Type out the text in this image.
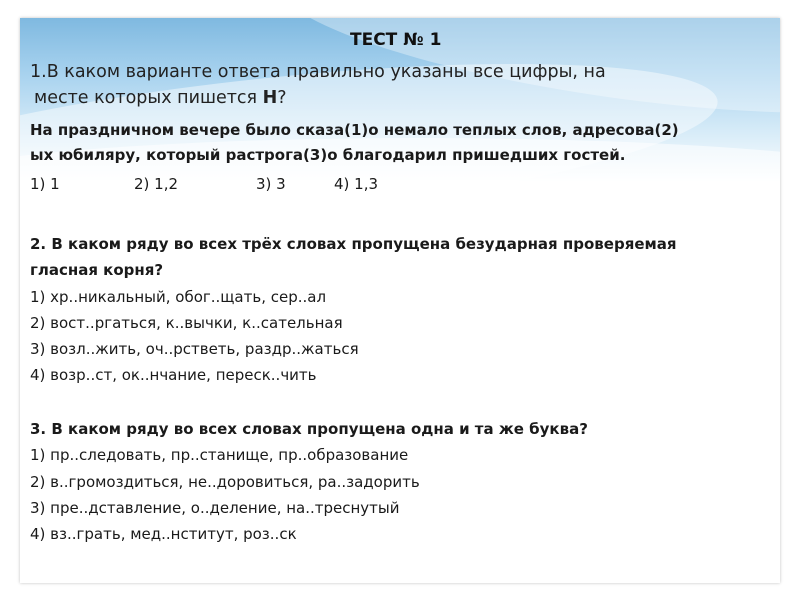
ТЕСТ № 1
1.В каком варианте ответа правильно указаны все цифры, на
месте которых пишется Н?
На праздничном вечере было сказа(1)о немало теплых слов, адресова(2)
ых юбиляру, который растрога(3)о благодарил пришедших гостей.
1) 1	2) 1,2	3) 3	4) 1,3
2. В каком ряду во всех трёх словах пропущена безударная проверяемая
гласная корня?
1) хр..никальный, обог..щать, сер..ал
2) вост..ргаться, к..вычки, к..сательная
3) возл..жить, оч..рстветь, раздр..жаться
4) возр..ст, ок..нчание, переск..чить
3. В каком ряду во всех словах пропущена одна и та же буква?
1) пр..следовать, пр..станище, пр..образование
2) в..громоздиться, не..доровиться, ра..задорить
3) пре..дставление, о..деление, на..треснутый
4) вз..грать, мед..нститут, роз..ск
